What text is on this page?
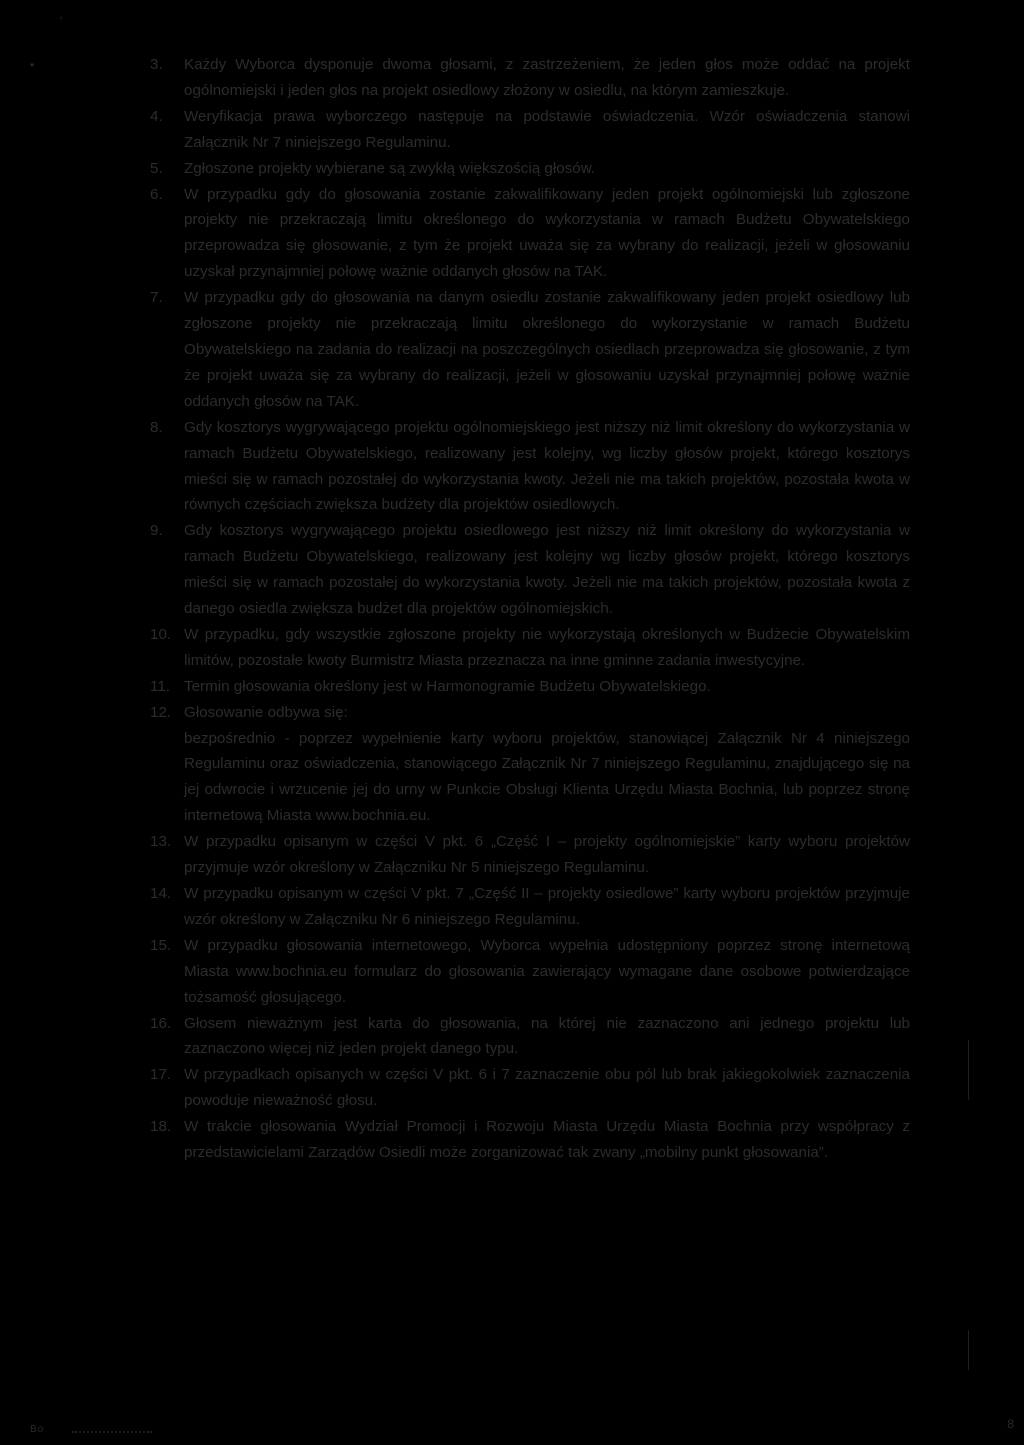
'
•	3.	Każdy Wyborca dysponuje dwoma głosami, z zastrzeżeniem, że jeden głos może oddać na projekt ogólnomiejski i jeden głos na projekt osiedlowy złożony w osiedlu, na którym zamieszkuje.
4.	Weryfikacja prawa wyborczego następuje na podstawie oświadczenia. Wzór oświadczenia stanowi Załącznik Nr 7 niniejszego Regulaminu.
5.	Zgłoszone projekty wybierane są zwykłą większością głosów.
6.	W przypadku gdy do głosowania zostanie zakwalifikowany jeden projekt ogólnomiejski lub zgłoszone projekty nie przekraczają limitu określonego do wykorzystania w ramach Budżetu Obywatelskiego przeprowadza się głosowanie, z tym że projekt uważa się za wybrany do realizacji, jeżeli w głosowaniu uzyskał przynajmniej połowę ważnie oddanych głosów na TAK.
7.	W przypadku gdy do głosowania na danym osiedlu zostanie zakwalifikowany jeden projekt osiedlowy lub zgłoszone projekty nie przekraczają limitu określonego do wykorzystanie w ramach Budżetu Obywatelskiego na zadania do realizacji na poszczególnych osiedlach przeprowadza się głosowanie, z tym że projekt uważa się za wybrany do realizacji, jeżeli w głosowaniu uzyskał przynajmniej połowę ważnie oddanych głosów na TAK.
8.	Gdy kosztorys wygrywającego projektu ogólnomiejskiego jest niższy niż limit określony do wykorzystania w ramach Budżetu Obywatelskiego, realizowany jest kolejny, wg liczby głosów projekt, którego kosztorys mieści się w ramach pozostałej do wykorzystania kwoty. Jeżeli nie ma takich projektów, pozostała kwota w równych częściach zwiększa budżety dla projektów osiedlowych.
9.	Gdy kosztorys wygrywającego projektu osiedlowego jest niższy niż limit określony do wykorzystania w ramach Budżetu Obywatelskiego, realizowany jest kolejny wg liczby głosów projekt, którego kosztorys mieści się w ramach pozostałej do wykorzystania kwoty. Jeżeli nie ma takich projektów, pozostała kwota z danego osiedla zwiększa budżet dla projektów ogólnomiejskich.
10. W przypadku, gdy wszystkie zgłoszone projekty nie wykorzystają określonych w Budżecie Obywatelskim limitów, pozostałe kwoty Burmistrz Miasta przeznacza na inne gminne zadania inwestycyjne.
11. Termin głosowania określony jest w Harmonogramie Budżetu Obywatelskiego.
12. Głosowanie odbywa się:
bezpośrednio - poprzez wypełnienie karty wyboru projektów, stanowiącej Załącznik Nr 4 niniejszego Regulaminu oraz oświadczenia, stanowiącego Załącznik Nr 7 niniejszego Regulaminu, znajdującego się na jej odwrocie i wrzucenie jej do urny w Punkcie Obsługi Klienta Urzędu Miasta Bochnia, lub poprzez stronę internetową Miasta www.bochnia.eu.
13. W przypadku opisanym w części V pkt. 6 „Część I – projekty ogólnomiejskie” karty wyboru projektów przyjmuje wzór określony w Załączniku Nr 5 niniejszego Regulaminu.
14. W przypadku opisanym w części V pkt. 7 „Część II – projekty osiedlowe” karty wyboru projektów przyjmuje wzór określony w Załączniku Nr 6 niniejszego Regulaminu.
15. W przypadku głosowania internetowego, Wyborca wypełnia udostępniony poprzez stronę internetową Miasta www.bochnia.eu formularz do głosowania zawierający wymagane dane osobowe potwierdzające tożsamość głosującego.
16. Głosem nieważnym jest karta do głosowania, na której nie zaznaczono ani jednego projektu lub zaznaczono więcej niż jeden projekt danego typu.
17. W przypadkach opisanych w części V pkt. 6 i 7 zaznaczenie obu pól lub brak jakiegokolwiek zaznaczenia powoduje nieważność głosu.
18. W trakcie głosowania Wydział Promocji i Rozwoju Miasta Urzędu Miasta Bochnia przy współpracy z przedstawicielami Zarządów Osiedli może zorganizować tak zwany „mobilny punkt głosowania”.
Bo	8
